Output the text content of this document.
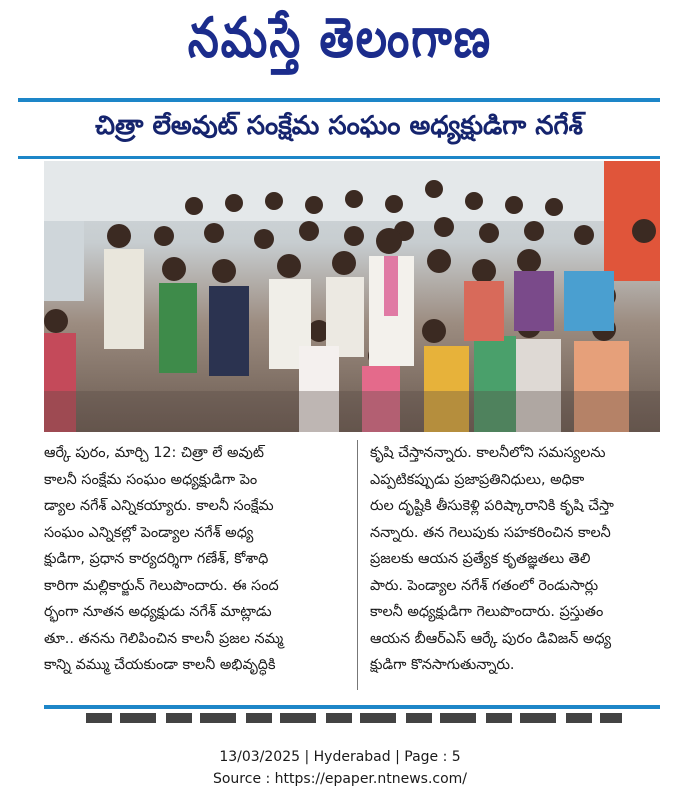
నమస్తే తెలంగాణ
చిత్రా లేఅవుట్ సంక్షేమ సంఘం అధ్యక్షుడిగా నగేశ్

ఆర్కే పురం, మార్చి 12: చిత్రా లే అవుట్

కాలనీ సంక్షేమ సంఘం అధ్యక్షుడిగా పెం

డ్యాల నగేశ్ ఎన్నికయ్యారు. కాలనీ సంక్షేమ

సంఘం ఎన్నికల్లో పెండ్యాల నగేశ్ అధ్య

క్షుడిగా, ప్రధాన కార్యదర్శిగా గణేశ్, కోశాధి

కారిగా మల్లికార్జున్ గెలుపొందారు. ఈ సంద

ర్భంగా నూతన అధ్యక్షుడు నగేశ్ మాట్లాడు

తూ.. తనను గెలిపించిన కాలనీ ప్రజల నమ్మ

కాన్ని వమ్ము చేయకుండా కాలనీ అభివృద్ధికి

కృషి చేస్తానన్నారు. కాలనీలోని సమస్యలను

ఎప్పటికప్పుడు ప్రజాప్రతినిధులు, అధికా

రుల దృష్టికి తీసుకెళ్లి పరిష్కారానికి కృషి చేస్తా

నన్నారు. తన గెలుపుకు సహకరించిన కాలనీ

ప్రజలకు ఆయన ప్రత్యేక కృతజ్ఞతలు తెలి

పారు. పెండ్యాల నగేశ్ గతంలో రెండుసార్లు

కాలనీ అధ్యక్షుడిగా గెలుపొందారు. ప్రస్తుతం

ఆయన బీఆర్‌ఎస్ ఆర్కే పురం డివిజన్ అధ్య

క్షుడిగా కొనసాగుతున్నారు.

13/03/2025 | Hyderabad | Page : 5
Source : https://epaper.ntnews.com/
